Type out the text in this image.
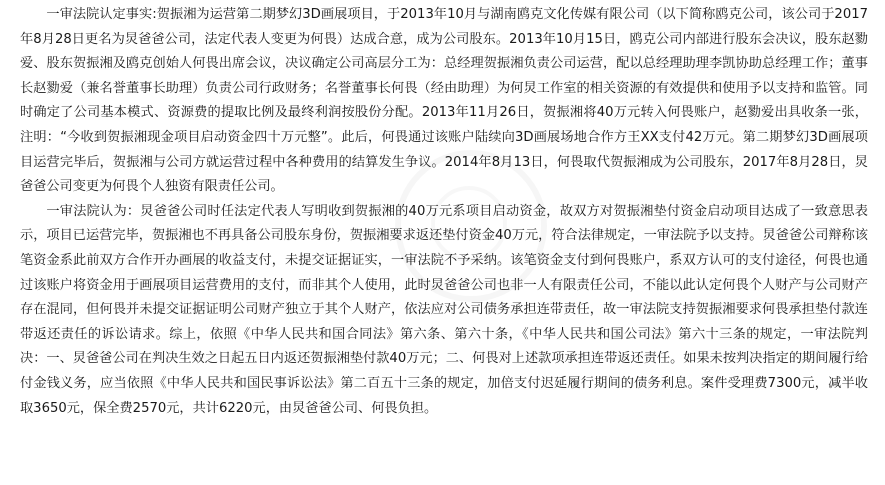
一审法院认定事实:贺振湘为运营第二期梦幻3D画展项目，于2013年10月与湖南鸥克文化传媒有限公司（以下简称鸥克公司，该公司于2017年8月28日更名为炅爸爸公司，法定代表人变更为何畏）达成合意，成为公司股东。2013年10月15日，鸥克公司内部进行股东会决议，股东赵勠爱、股东贺振湘及鸥克创始人何畏出席会议，决议确定公司高层分工为：总经理贺振湘负责公司运营，配以总经理助理李凯协助总经理工作；董事长赵勠爱（兼名誉董事长助理）负责公司行政财务；名誉董事长何畏（经由助理）为何炅工作室的相关资源的有效提供和使用予以支持和监管。同时确定了公司基本模式、资源费的提取比例及最终利润按股份分配。2013年11月26日，贺振湘将40万元转入何畏账户，赵勠爱出具收条一张，注明：“今收到贺振湘现金项目启动资金四十万元整”。此后，何畏通过该账户陆续向3D画展场地合作方王XX支付42万元。第二期梦幻3D画展项目运营完毕后，贺振湘与公司方就运营过程中各种费用的结算发生争议。2014年8月13日，何畏取代贺振湘成为公司股东，2017年8月28日，炅爸爸公司变更为何畏个人独资有限责任公司。

一审法院认为：炅爸爸公司时任法定代表人写明收到贺振湘的40万元系项目启动资金，故双方对贺振湘垫付资金启动项目达成了一致意思表示，项目已运营完毕，贺振湘也不再具备公司股东身份，贺振湘要求返还垫付资金40万元，符合法律规定，一审法院予以支持。炅爸爸公司辩称该笔资金系此前双方合作开办画展的收益支付，未提交证据证实，一审法院不予采纳。该笔资金支付到何畏账户，系双方认可的支付途径，何畏也通过该账户将资金用于画展项目运营费用的支付，而非其个人使用，此时炅爸爸公司也非一人有限责任公司，不能以此认定何畏个人财产与公司财产存在混同，但何畏并未提交证据证明公司财产独立于其个人财产，依法应对公司债务承担连带责任，故一审法院支持贺振湘要求何畏承担垫付款连带返还责任的诉讼请求。综上，依照《中华人民共和国合同法》第六条、第六十条，《中华人民共和国公司法》第六十三条的规定，一审法院判决：一、炅爸爸公司在判决生效之日起五日内返还贺振湘垫付款40万元；二、何畏对上述款项承担连带返还责任。如果未按判决指定的期间履行给付金钱义务，应当依照《中华人民共和国民事诉讼法》第二百五十三条的规定，加倍支付迟延履行期间的债务利息。案件受理费7300元，减半收取3650元，保全费2570元，共计6220元，由炅爸爸公司、何畏负担。
